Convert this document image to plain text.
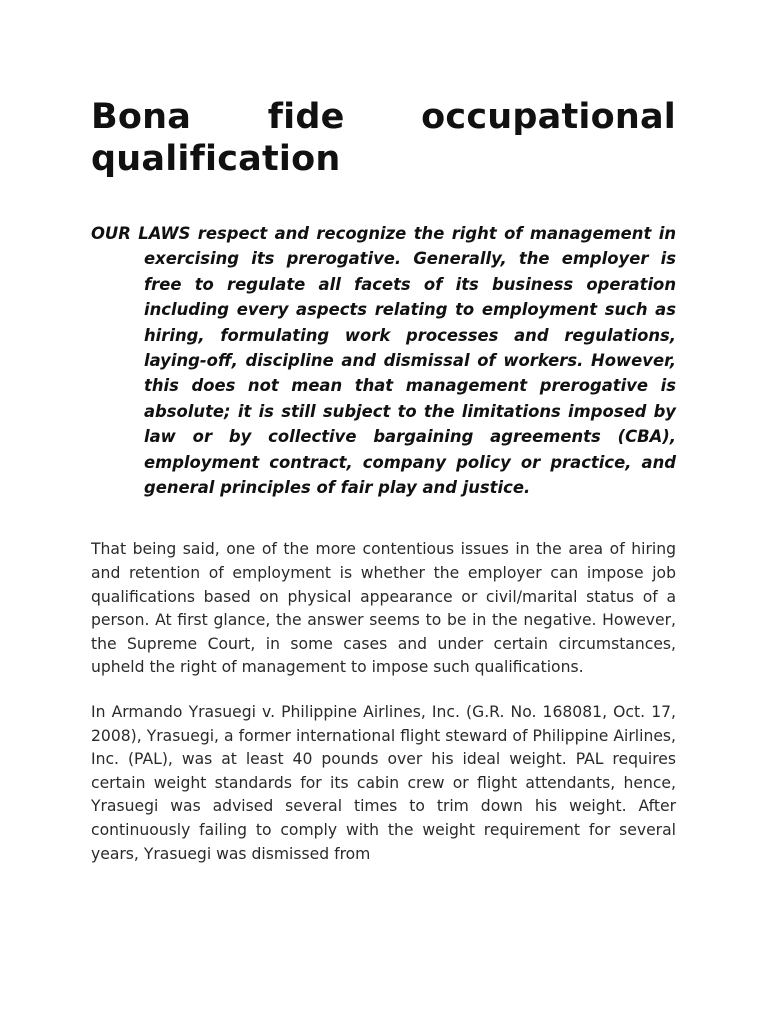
Bona fide occupational qualification

OUR LAWS respect and recognize the right of management in exercising its prerogative. Generally, the employer is free to regulate all facets of its business operation including every aspects relating to employment such as hiring, formulating work processes and regulations, laying-off, discipline and dismissal of workers. However, this does not mean that management prerogative is absolute; it is still subject to the limitations imposed by law or by collective bargaining agreements (CBA), employment contract, company policy or practice, and general principles of fair play and justice.

That being said, one of the more contentious issues in the area of hiring and retention of employment is whether the employer can impose job qualifications based on physical appearance or civil/marital status of a person. At first glance, the answer seems to be in the negative. However, the Supreme Court, in some cases and under certain circumstances, upheld the right of management to impose such qualifications.

In Armando Yrasuegi v. Philippine Airlines, Inc. (G.R. No. 168081, Oct. 17, 2008), Yrasuegi, a former international flight steward of Philippine Airlines, Inc. (PAL), was at least 40 pounds over his ideal weight. PAL requires certain weight standards for its cabin crew or flight attendants, hence, Yrasuegi was advised several times to trim down his weight. After continuously failing to comply with the weight requirement for several years, Yrasuegi was dismissed from
